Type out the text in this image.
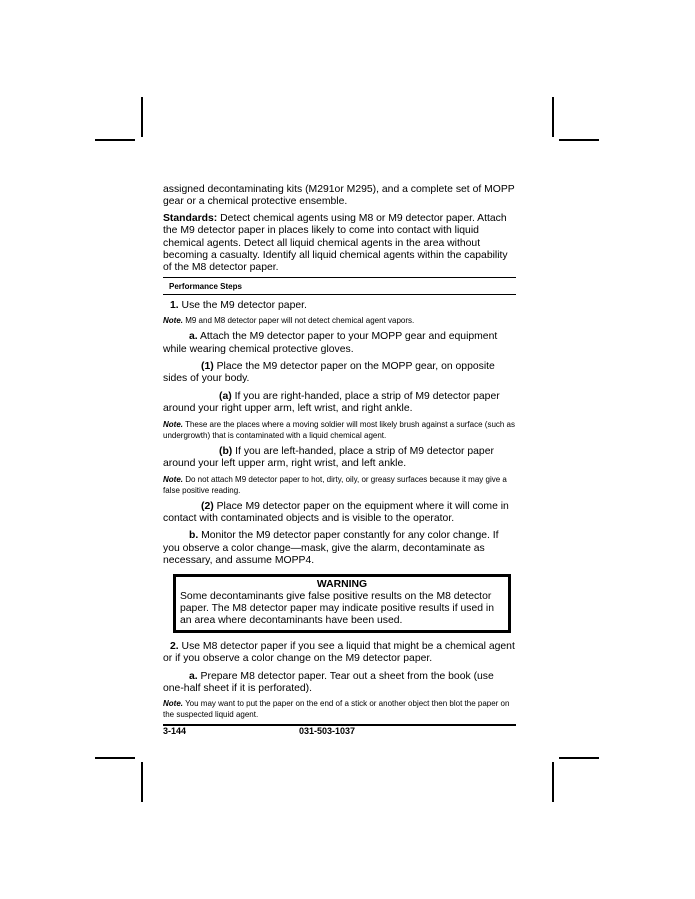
assigned decontaminating kits (M291or M295), and a complete set of MOPP gear or a chemical protective ensemble.

Standards: Detect chemical agents using M8 or M9 detector paper. Attach the M9 detector paper in places likely to come into contact with liquid chemical agents. Detect all liquid chemical agents in the area without becoming a casualty. Identify all liquid chemical agents within the capability of the M8 detector paper.

Performance Steps

1. Use the M9 detector paper.

Note. M9 and M8 detector paper will not detect chemical agent vapors.

a. Attach the M9 detector paper to your MOPP gear and equipment while wearing chemical protective gloves.

(1) Place the M9 detector paper on the MOPP gear, on opposite sides of your body.

(a) If you are right-handed, place a strip of M9 detector paper around your right upper arm, left wrist, and right ankle.

Note. These are the places where a moving soldier will most likely brush against a surface (such as undergrowth) that is contaminated with a liquid chemical agent.

(b) If you are left-handed, place a strip of M9 detector paper around your left upper arm, right wrist, and left ankle.

Note. Do not attach M9 detector paper to hot, dirty, oily, or greasy surfaces because it may give a false positive reading.

(2) Place M9 detector paper on the equipment where it will come in contact with contaminated objects and is visible to the operator.

b. Monitor the M9 detector paper constantly for any color change. If you observe a color change—mask, give the alarm, decontaminate as necessary, and assume MOPP4.

WARNING

Some decontaminants give false positive results on the M8 detector paper. The M8 detector paper may indicate positive results if used in an area where decontaminants have been used.

2. Use M8 detector paper if you see a liquid that might be a chemical agent or if you observe a color change on the M9 detector paper.

a. Prepare M8 detector paper. Tear out a sheet from the book (use one-half sheet if it is perforated).

Note. You may want to put the paper on the end of a stick or another object then blot the paper on the suspected liquid agent.

3-144	031-503-1037
